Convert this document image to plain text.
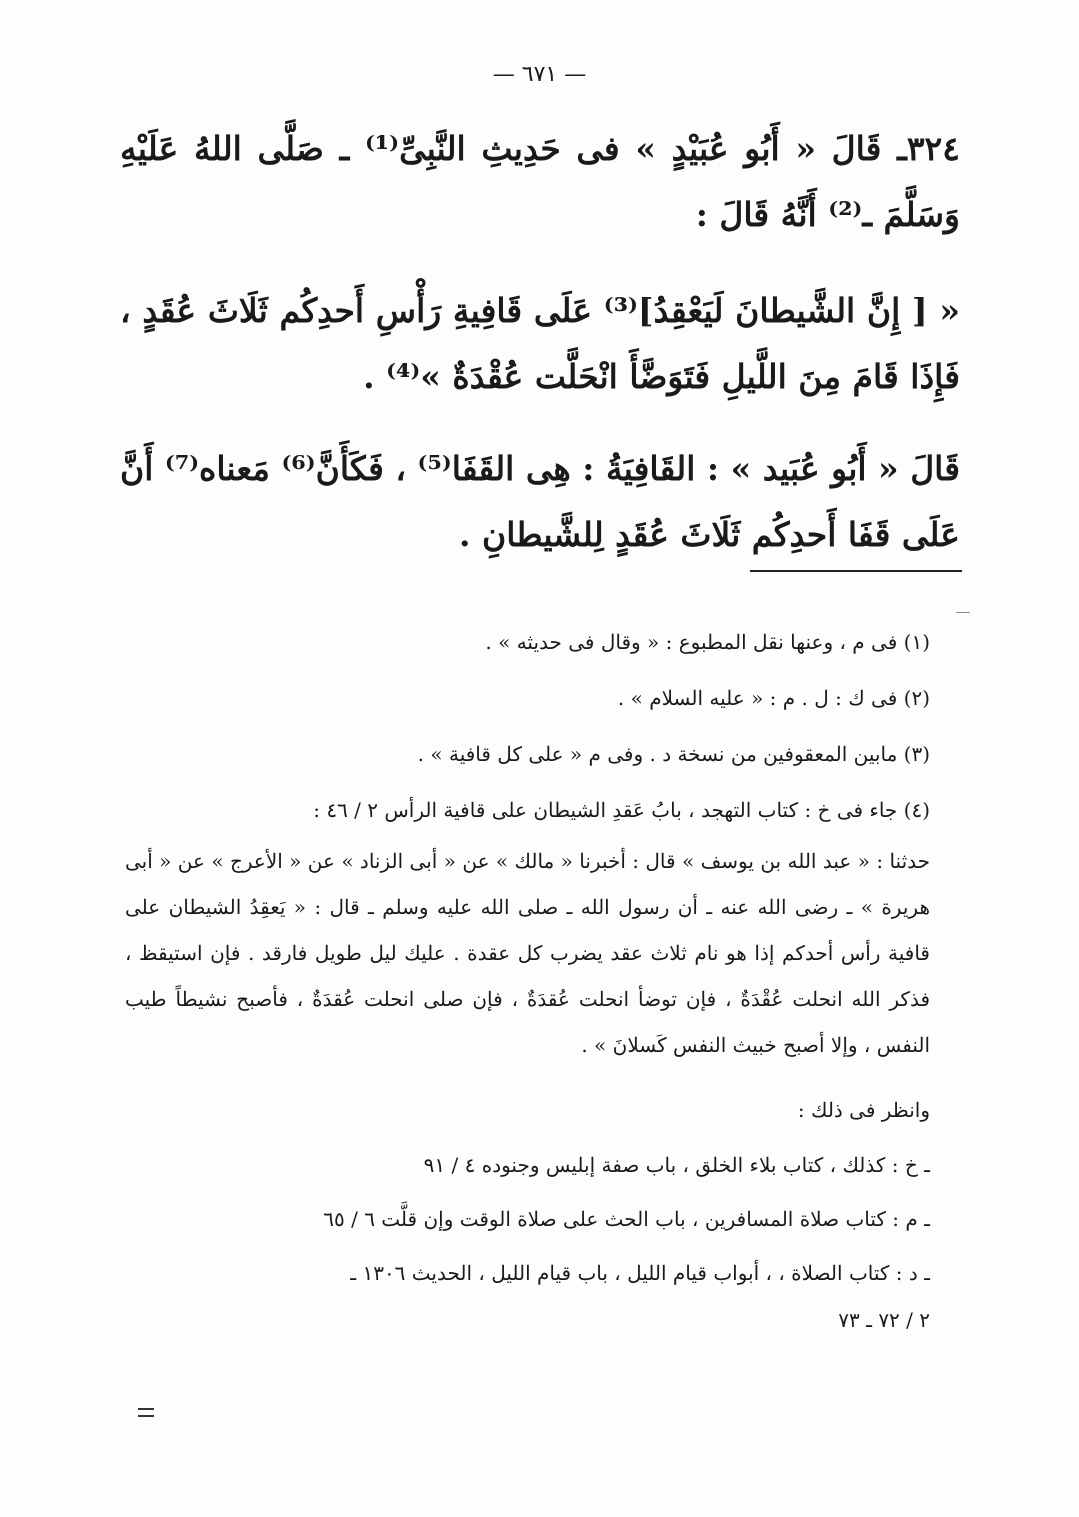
— ٦٧١ —

٣٢٤ـ قَالَ « أَبُو عُبَيْدٍ » فى حَدِيثِ النَّبِىِّ⁽¹⁾ ـ صَلَّى اللهُ عَلَيْهِ وَسَلَّمَ ـ⁽²⁾ أَنَّهُ قَالَ :

« [ إِنَّ الشَّيطانَ لَيَعْقِدُ]⁽³⁾ عَلَى قَافِيةِ رَأْسِ أَحدِكُم ثَلَاثَ عُقَدٍ ، فَإِذَا قَامَ مِنَ اللَّيلِ فَتَوَضَّأَ انْحَلَّت عُقْدَةٌ »⁽⁴⁾ .

قَالَ « أَبُو عُبَيد » : القَافِيَةُ : هِى القَفَا⁽⁵⁾ ، فَكَأَنَّ⁽⁶⁾ مَعناه⁽⁷⁾ أَنَّ عَلَى قَفَا أَحدِكُم ثَلَاثَ عُقَدٍ لِلشَّيطانِ .

(١) فى م ، وعنها نقل المطبوع : « وقال فى حديثه » .

(٢) فى ك : ل . م : « عليه السلام » .

(٣) مابين المعقوفين من نسخة د . وفى م « على كل قافية » .

(٤) جاء فى خ : كتاب التهجد ، بابُ عَقدِ الشيطان على قافية الرأس ٢ / ٤٦ :
حدثنا : « عبد الله بن يوسف » قال : أخبرنا « مالك » عن « أبى الزناد » عن « الأعرج » عن « أبى هريرة » ـ رضى الله عنه ـ أن رسول الله ـ صلى الله عليه وسلم ـ قال : « يَعقِدُ الشيطان على قافية رأس أحدكم إذا هو نام ثلاث عقد يضرب كل عقدة . عليك ليل طويل فارقد . فإن استيقظ ، فذكر الله انحلت عُقْدَةٌ ، فإن توضأ انحلت عُقدَةٌ ، فإن صلى انحلت عُقدَةٌ ، فأصبح نشيطاً طيب النفس ، وإلا أصبح خبيث النفس كَسلانَ » .

وانظر فى ذلك :

ـ خ : كذلك ، كتاب بلاء الخلق ، باب صفة إبليس وجنوده ٤ / ٩١

ـ م : كتاب صلاة المسافرين ، باب الحث على صلاة الوقت وإن قلَّت ٦ / ٦٥

ـ د : كتاب الصلاة ، ، أبواب قيام الليل ، باب قيام الليل ، الحديث ١٣٠٦ ـ

٢ / ٧٢ ـ ٧٣
